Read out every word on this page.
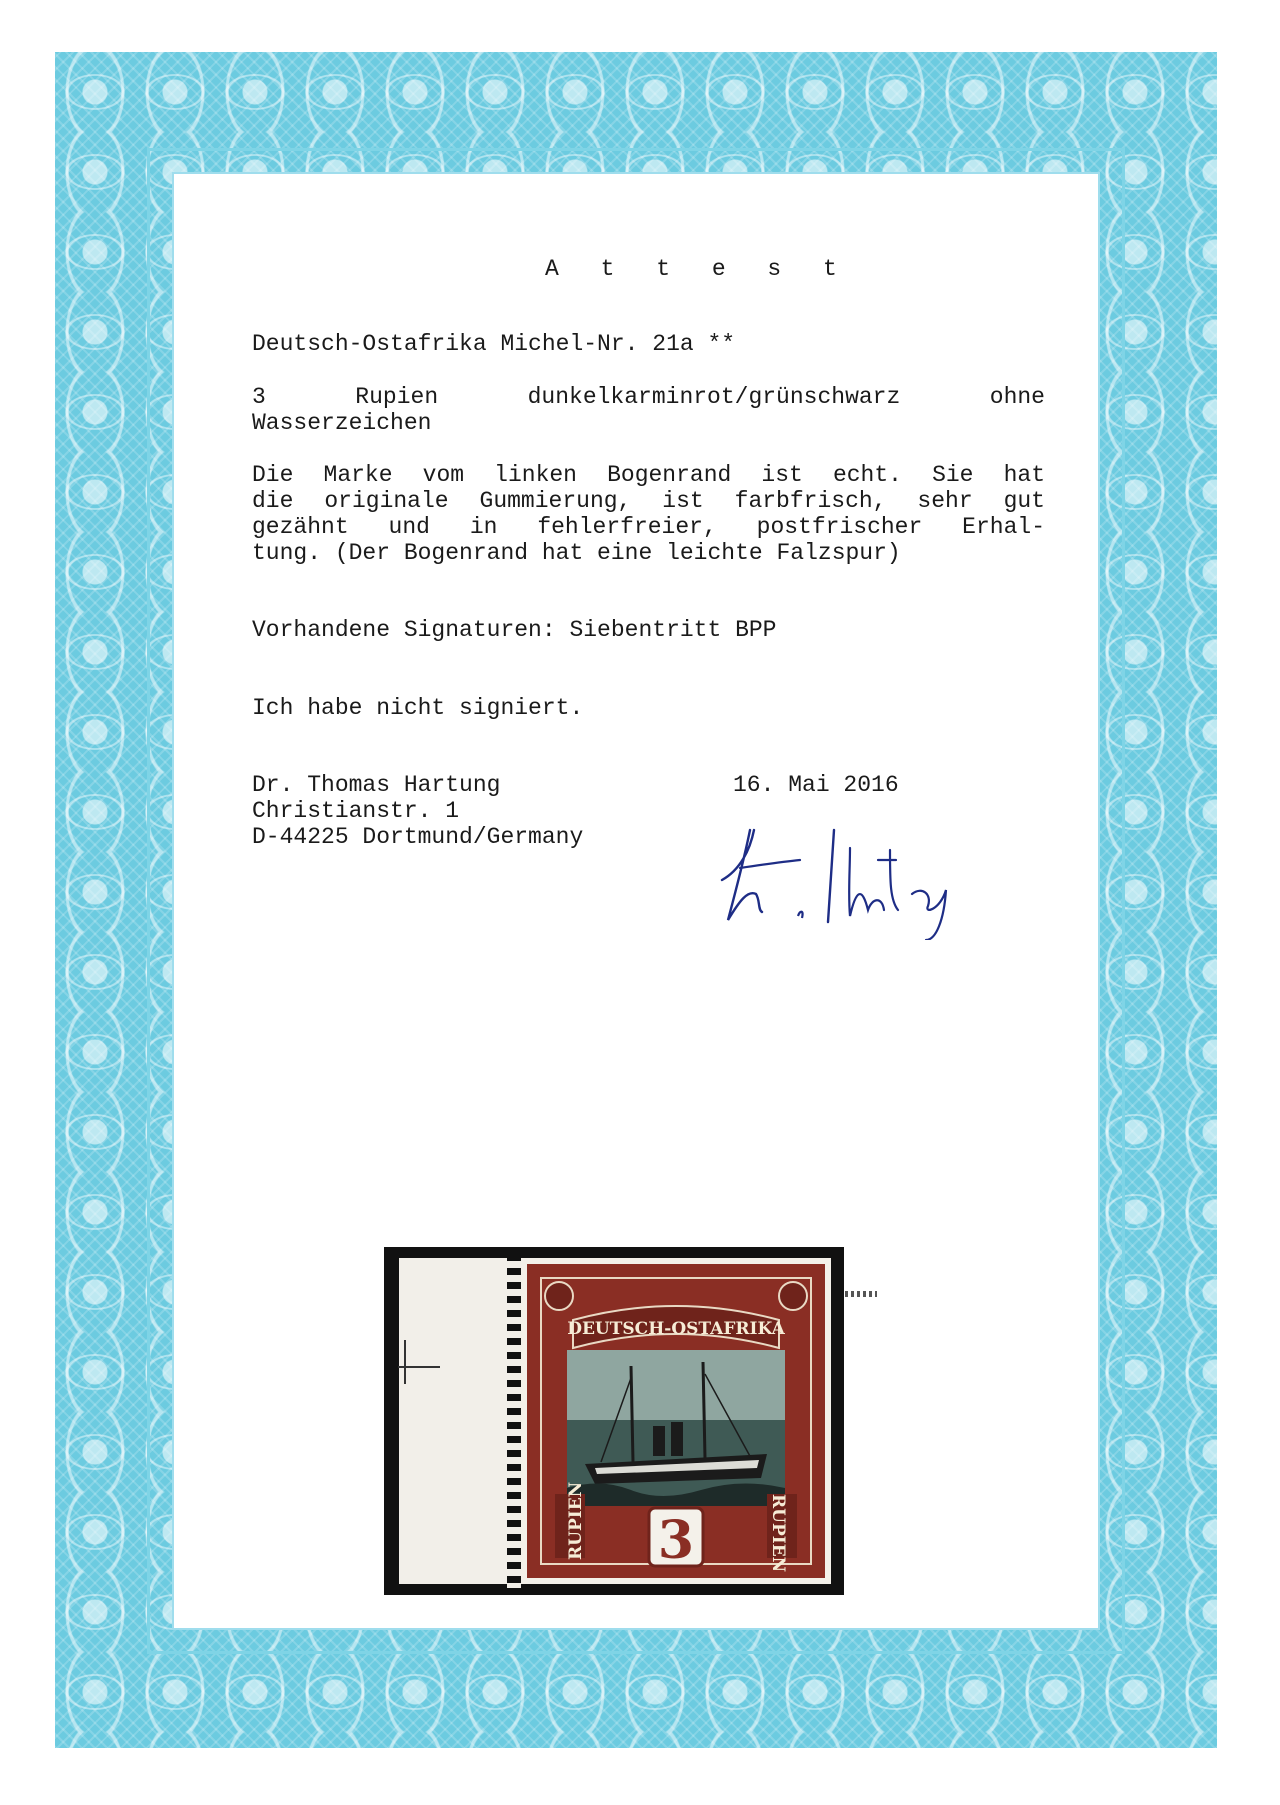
A t t e s t
Deutsch-Ostafrika Michel-Nr. 21a **
3 Rupien dunkelkarminrot/grünschwarz ohne
Wasserzeichen
Die Marke vom linken Bogenrand ist echt. Sie hat
die originale Gummierung, ist farbfrisch, sehr gut
gezähnt und in fehlerfreier, postfrischer Erhal-
tung. (Der Bogenrand hat eine leichte Falzspur)
Vorhandene Signaturen: Siebentritt BPP
Ich habe nicht signiert.
Dr. Thomas Hartung
Christianstr. 1
D-44225 Dortmund/Germany
16. Mai 2016
DEUTSCH-OSTAFRIKA
3
RUPIEN	RUPIEN
